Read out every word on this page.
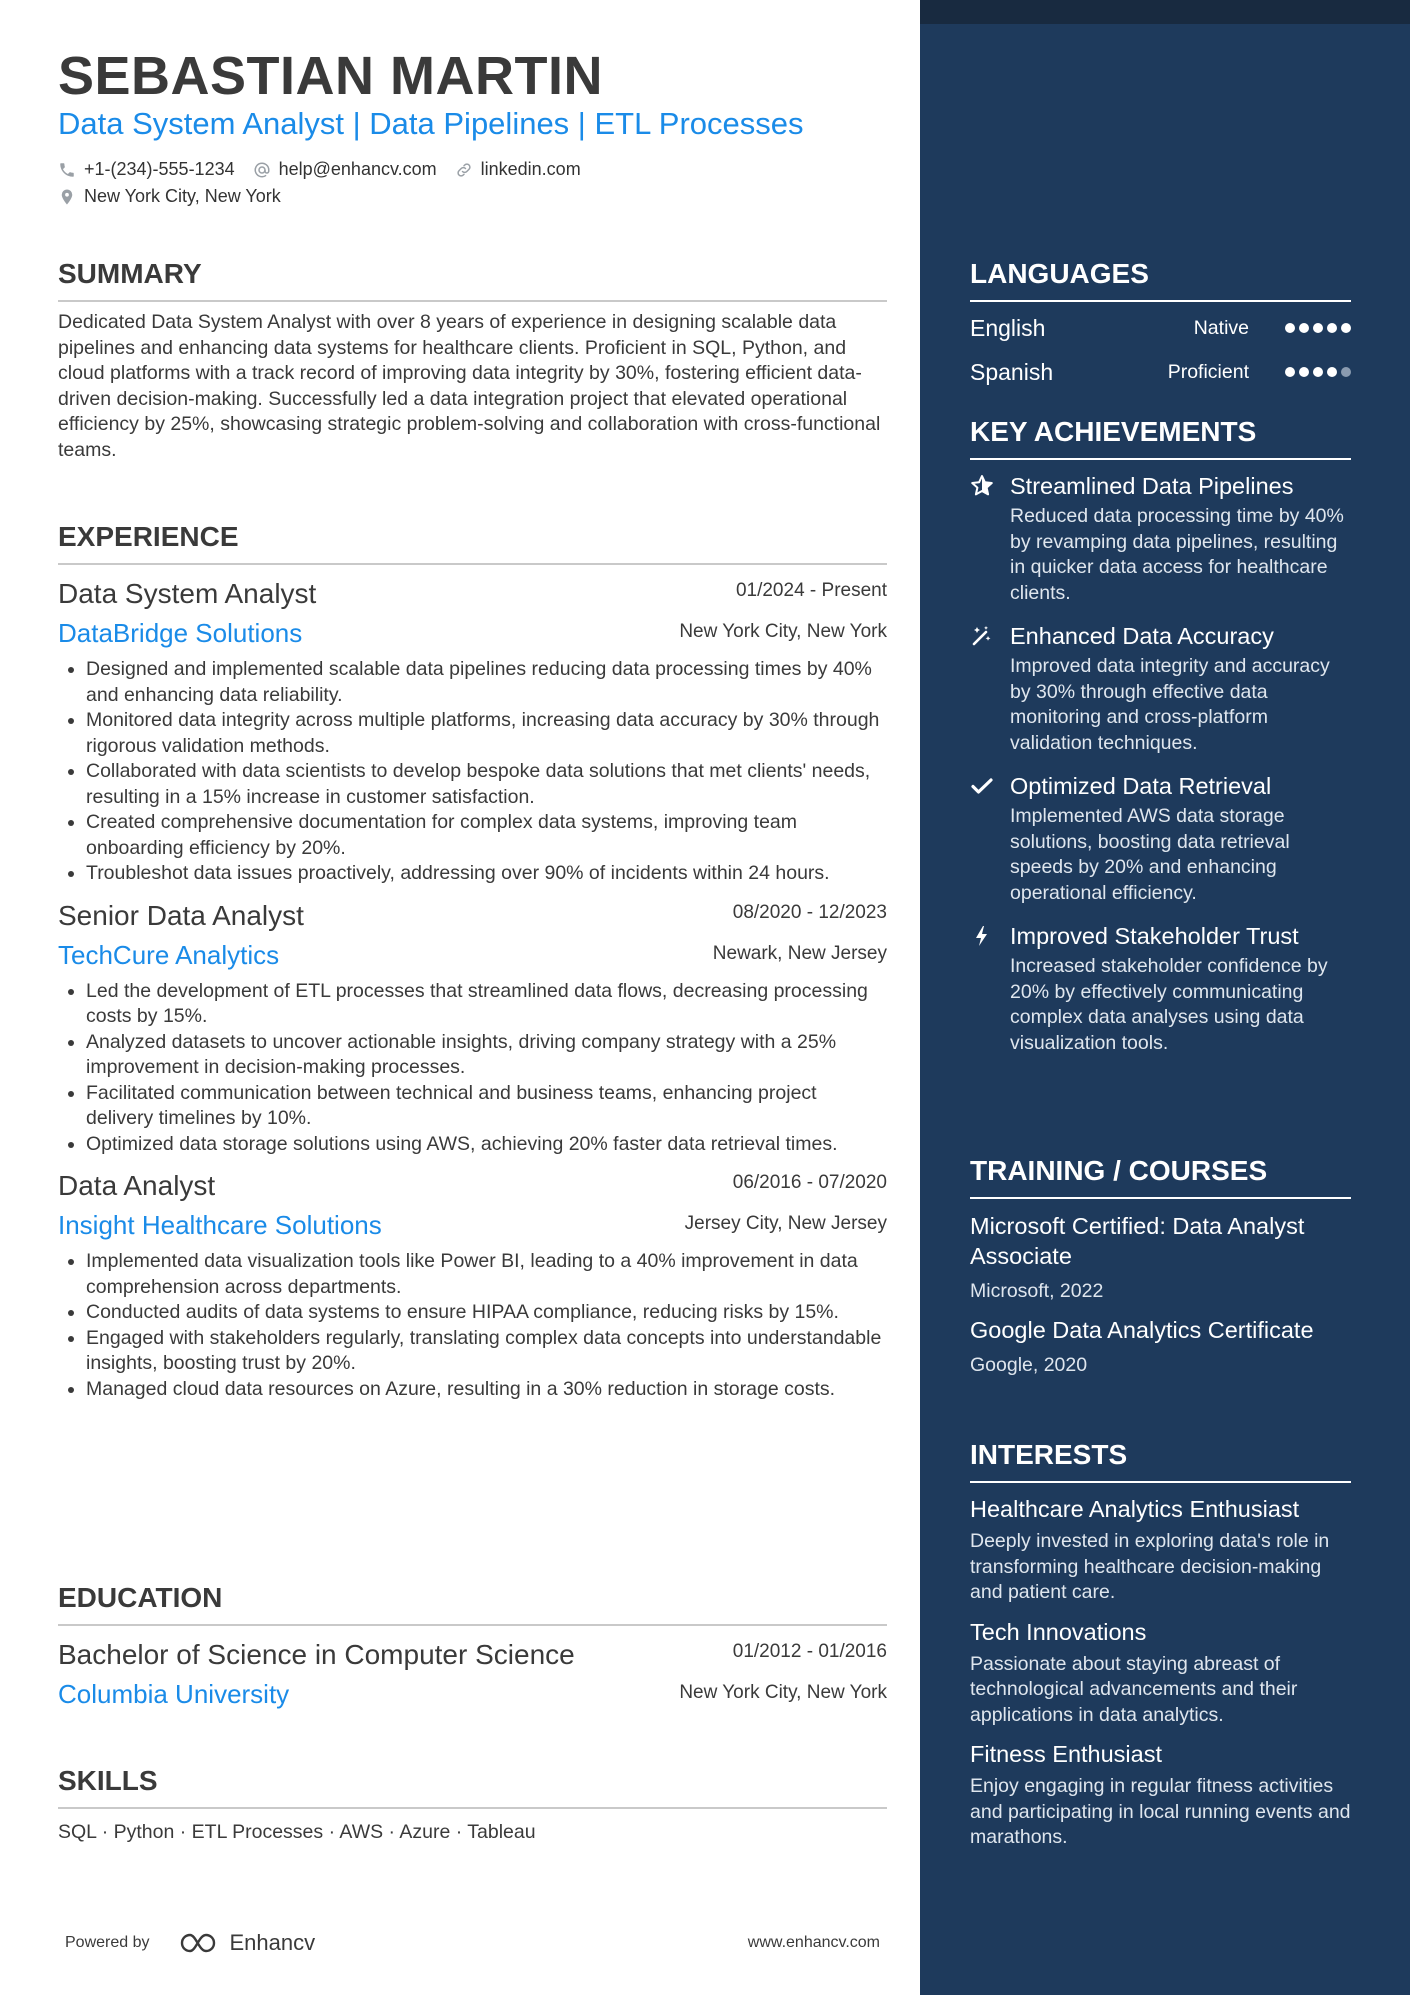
SEBASTIAN MARTIN
Data System Analyst | Data Pipelines | ETL Processes
+1-(234)-555-1234 help@enhancv.com linkedin.com
New York City, New York
SUMMARY

Dedicated Data System Analyst with over 8 years of experience in designing scalable data pipelines and enhancing data systems for healthcare clients. Proficient in SQL, Python, and cloud platforms with a track record of improving data integrity by 30%, fostering efficient data-driven decision-making. Successfully led a data integration project that elevated operational efficiency by 25%, showcasing strategic problem-solving and collaboration with cross-functional teams.

EXPERIENCE
Data System Analyst	01/2024 - Present
DataBridge Solutions	New York City, New York
• Designed and implemented scalable data pipelines reducing data processing times by 40% and enhancing data reliability.
• Monitored data integrity across multiple platforms, increasing data accuracy by 30% through rigorous validation methods.
• Collaborated with data scientists to develop bespoke data solutions that met clients' needs, resulting in a 15% increase in customer satisfaction.
• Created comprehensive documentation for complex data systems, improving team onboarding efficiency by 20%.
• Troubleshot data issues proactively, addressing over 90% of incidents within 24 hours.
Senior Data Analyst	08/2020 - 12/2023
TechCure Analytics	Newark, New Jersey
• Led the development of ETL processes that streamlined data flows, decreasing processing costs by 15%.
• Analyzed datasets to uncover actionable insights, driving company strategy with a 25% improvement in decision-making processes.
• Facilitated communication between technical and business teams, enhancing project delivery timelines by 10%.
• Optimized data storage solutions using AWS, achieving 20% faster data retrieval times.
Data Analyst	06/2016 - 07/2020
Insight Healthcare Solutions	Jersey City, New Jersey
• Implemented data visualization tools like Power BI, leading to a 40% improvement in data comprehension across departments.
• Conducted audits of data systems to ensure HIPAA compliance, reducing risks by 15%.
• Engaged with stakeholders regularly, translating complex data concepts into understandable insights, boosting trust by 20%.
• Managed cloud data resources on Azure, resulting in a 30% reduction in storage costs.
EDUCATION
Bachelor of Science in Computer Science	01/2012 - 01/2016
Columbia University	New York City, New York
SKILLS
SQL · Python · ETL Processes · AWS · Azure · Tableau
Powered by	Enhancv	www.enhancv.com
LANGUAGES
English	Native
Spanish	Proficient
KEY ACHIEVEMENTS
Streamlined Data Pipelines
Reduced data processing time by 40% by revamping data pipelines, resulting in quicker data access for healthcare clients.
Enhanced Data Accuracy
Improved data integrity and accuracy by 30% through effective data monitoring and cross-platform validation techniques.
Optimized Data Retrieval
Implemented AWS data storage solutions, boosting data retrieval speeds by 20% and enhancing operational efficiency.
Improved Stakeholder Trust
Increased stakeholder confidence by 20% by effectively communicating complex data analyses using data visualization tools.
TRAINING / COURSES
Microsoft Certified: Data Analyst Associate
Microsoft, 2022
Google Data Analytics Certificate
Google, 2020
INTERESTS
Healthcare Analytics Enthusiast
Deeply invested in exploring data's role in transforming healthcare decision-making and patient care.
Tech Innovations
Passionate about staying abreast of technological advancements and their applications in data analytics.
Fitness Enthusiast
Enjoy engaging in regular fitness activities and participating in local running events and marathons.
